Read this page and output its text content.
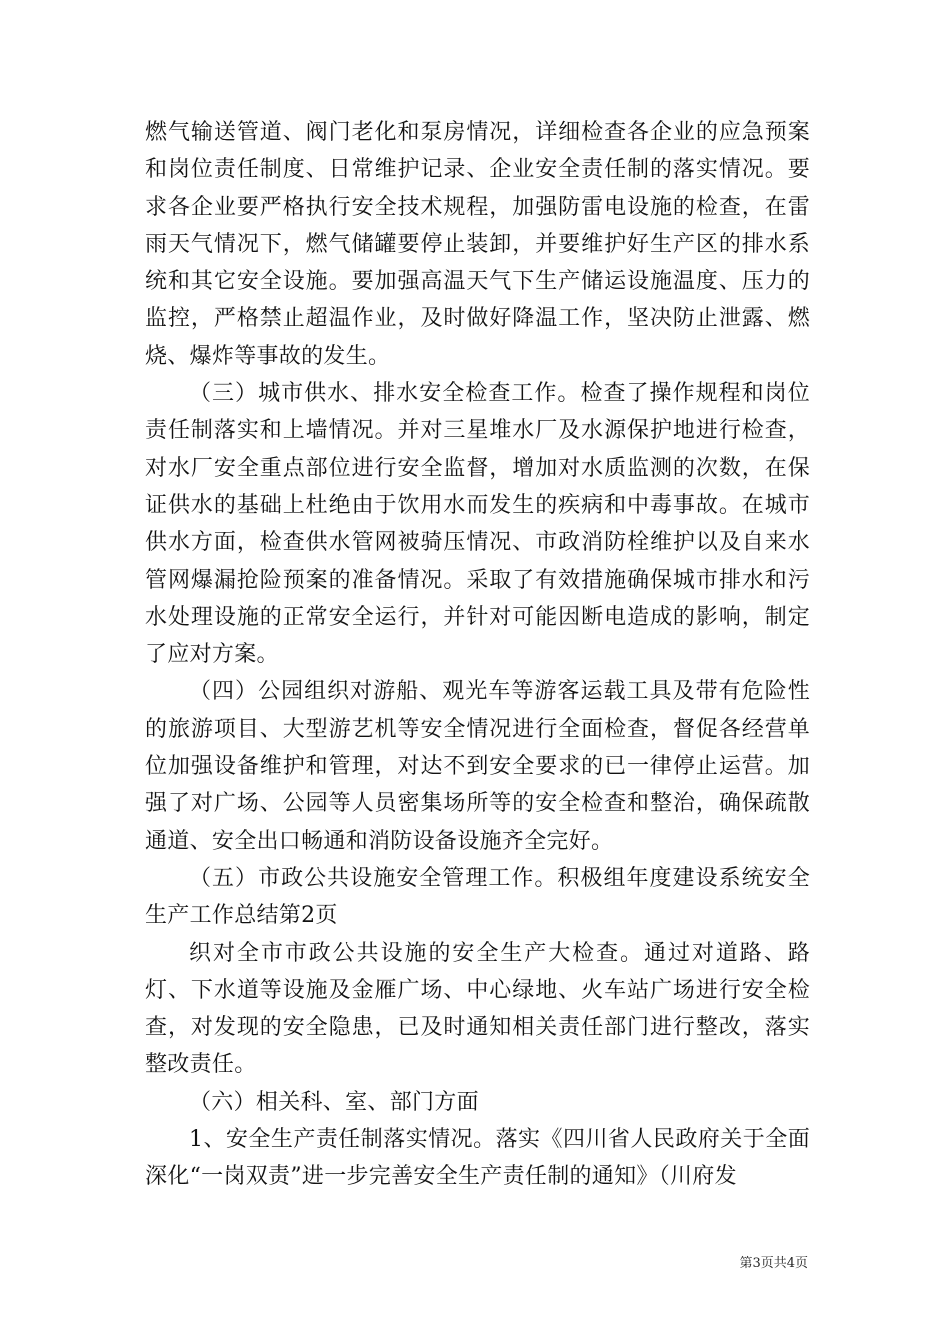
燃气输送管道、阀门老化和泵房情况，详细检查各企业的应急预案和岗位责任制度、日常维护记录、企业安全责任制的落实情况。要求各企业要严格执行安全技术规程，加强防雷电设施的检查，在雷雨天气情况下，燃气储罐要停止装卸，并要维护好生产区的排水系统和其它安全设施。要加强高温天气下生产储运设施温度、压力的监控，严格禁止超温作业，及时做好降温工作，坚决防止泄露、燃烧、爆炸等事故的发生。

（三）城市供水、排水安全检查工作。检查了操作规程和岗位责任制落实和上墙情况。并对三星堆水厂及水源保护地进行检查，对水厂安全重点部位进行安全监督，增加对水质监测的次数，在保证供水的基础上杜绝由于饮用水而发生的疾病和中毒事故。在城市供水方面，检查供水管网被骑压情况、市政消防栓维护以及自来水管网爆漏抢险预案的准备情况。采取了有效措施确保城市排水和污水处理设施的正常安全运行，并针对可能因断电造成的影响，制定了应对方案。

（四）公园组织对游船、观光车等游客运载工具及带有危险性的旅游项目、大型游艺机等安全情况进行全面检查，督促各经营单位加强设备维护和管理，对达不到安全要求的已一律停止运营。加强了对广场、公园等人员密集场所等的安全检查和整治，确保疏散通道、安全出口畅通和消防设备设施齐全完好。

（五）市政公共设施安全管理工作。积极组年度建设系统安全生产工作总结第2页

织对全市市政公共设施的安全生产大检查。通过对道路、路灯、下水道等设施及金雁广场、中心绿地、火车站广场进行安全检查，对发现的安全隐患，已及时通知相关责任部门进行整改，落实整改责任。

（六）相关科、室、部门方面

1、安全生产责任制落实情况。落实《四川省人民政府关于全面深化“一岗双责”进一步完善安全生产责任制的通知》（川府发

第3页共4页
